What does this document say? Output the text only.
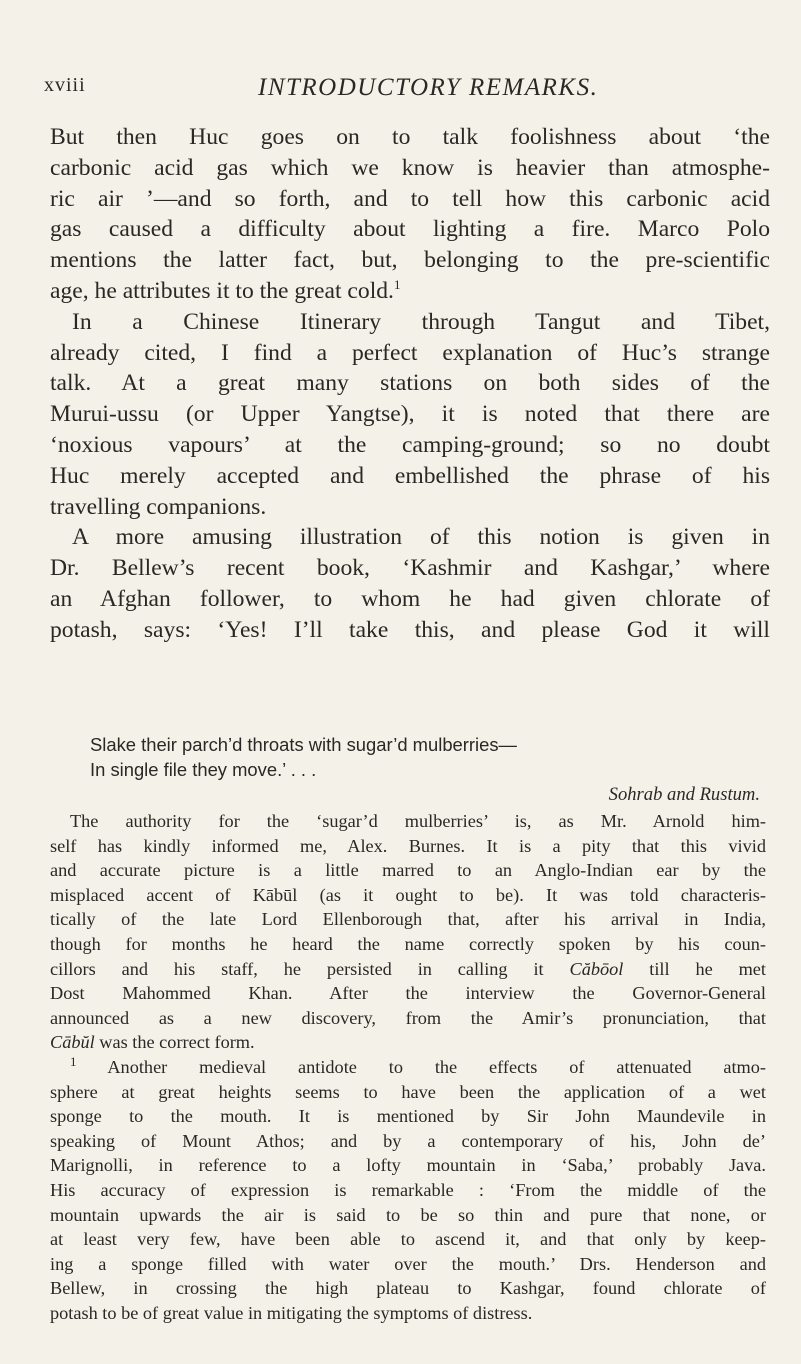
xviii	INTRODUCTORY REMARKS.

But then Huc goes on to talk foolishness about ‘the

carbonic acid gas which we know is heavier than atmosphe-

ric air ’—and so forth, and to tell how this carbonic acid

gas caused a difficulty about lighting a fire. Marco Polo

mentions the latter fact, but, belonging to the pre-scientific

age, he attributes it to the great cold.$^1$

In a Chinese Itinerary through Tangut and Tibet,

already cited, I find a perfect explanation of Huc’s strange

talk. At a great many stations on both sides of the

Murui-ussu (or Upper Yangtse), it is noted that there are

‘noxious vapours’ at the camping-ground; so no doubt

Huc merely accepted and embellished the phrase of his

travelling companions.

A more amusing illustration of this notion is given in

Dr. Bellew’s recent book, ‘Kashmir and Kashgar,’ where

an Afghan follower, to whom he had given chlorate of

potash, says: ‘Yes! I’ll take this, and please God it will

Slake their parch’d throats with sugar’d mulberries—

In single file they move.’ . . .

Sohrab and Rustum.

The authority for the ‘sugar’d mulberries’ is, as Mr. Arnold him-

self has kindly informed me, Alex. Burnes. It is a pity that this vivid

and accurate picture is a little marred to an Anglo-Indian ear by the

misplaced accent of Kābūl (as it ought to be). It was told characteris-

tically of the late Lord Ellenborough that, after his arrival in India,

though for months he heard the name correctly spoken by his coun-

cillors and his staff, he persisted in calling it Căbōol till he met

Dost Mahommed Khan. After the interview the Governor-General

announced as a new discovery, from the Amir’s pronunciation, that

Cābŭl was the correct form.

$^1$ Another medieval antidote to the effects of attenuated atmo-

sphere at great heights seems to have been the application of a wet

sponge to the mouth. It is mentioned by Sir John Maundevile in

speaking of Mount Athos; and by a contemporary of his, John de’

Marignolli, in reference to a lofty mountain in ‘Saba,’ probably Java.

His accuracy of expression is remarkable : ‘From the middle of the

mountain upwards the air is said to be so thin and pure that none, or

at least very few, have been able to ascend it, and that only by keep-

ing a sponge filled with water over the mouth.’ Drs. Henderson and

Bellew, in crossing the high plateau to Kashgar, found chlorate of

potash to be of great value in mitigating the symptoms of distress.
